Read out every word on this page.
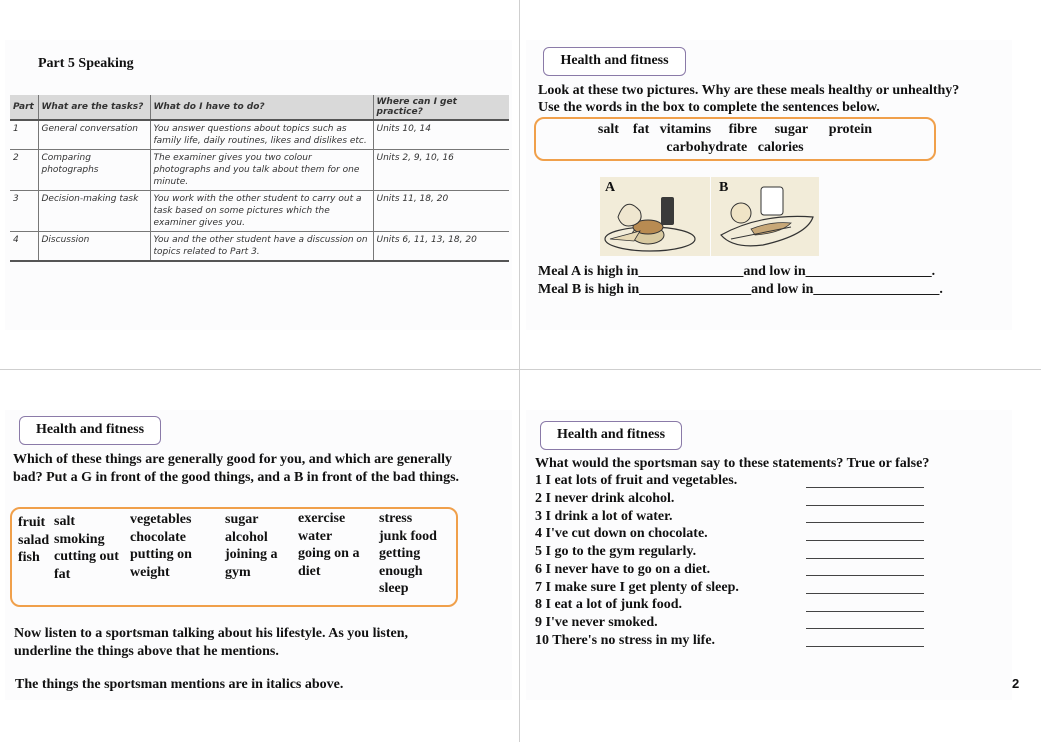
Part 5 Speaking
Part	What are the tasks?	What do I have to do?	Where can I get practice?
1	General conversation	You answer questions about topics such as family life, daily routines, likes and dislikes etc.	Units 10, 14
2	Comparing photographs	The examiner gives you two colour photographs and you talk about them for one minute.	Units 2, 9, 10, 16
3	Decision-making task	You work with the other student to carry out a task based on some pictures which the examiner gives you.	Units 11, 18, 20
4	Discussion	You and the other student have a discussion on topics related to Part 3.	Units 6, 11, 13, 18, 20
Health and fitness
Look at these two pictures. Why are these meals healthy or unhealthy?
Use the words in the box to complete the sentences below.
salt    fat   vitamins     fibre     sugar      protein
carbohydrate   calories
A	B
Meal A is high in_______________and low in__________________.
Meal B is high in________________and low in__________________.
Health and fitness
Which of these things are generally good for you, and which are generally bad? Put a G in front of the good things, and a B in front of the bad things.
fruit
salad
fish
salt
smoking
cutting out
fat
vegetables
chocolate
putting on
weight
sugar
alcohol
joining a
gym
exercise
water
going on a
diet
stress
junk food
getting
enough
sleep
Now listen to a sportsman talking about his lifestyle. As you listen, underline the things above that he mentions.
The things the sportsman mentions are in italics above.
Health and fitness
What would the sportsman say to these statements? True or false?
1 I eat lots of fruit and vegetables.
2 I never drink alcohol.
3 I drink a lot of water.
4 I've cut down on chocolate.
5 I go to the gym regularly.
6 I never have to go on a diet.
7 I make sure I get plenty of sleep.
8 I eat a lot of junk food.
9 I've never smoked.
10 There's no stress in my life.
2
